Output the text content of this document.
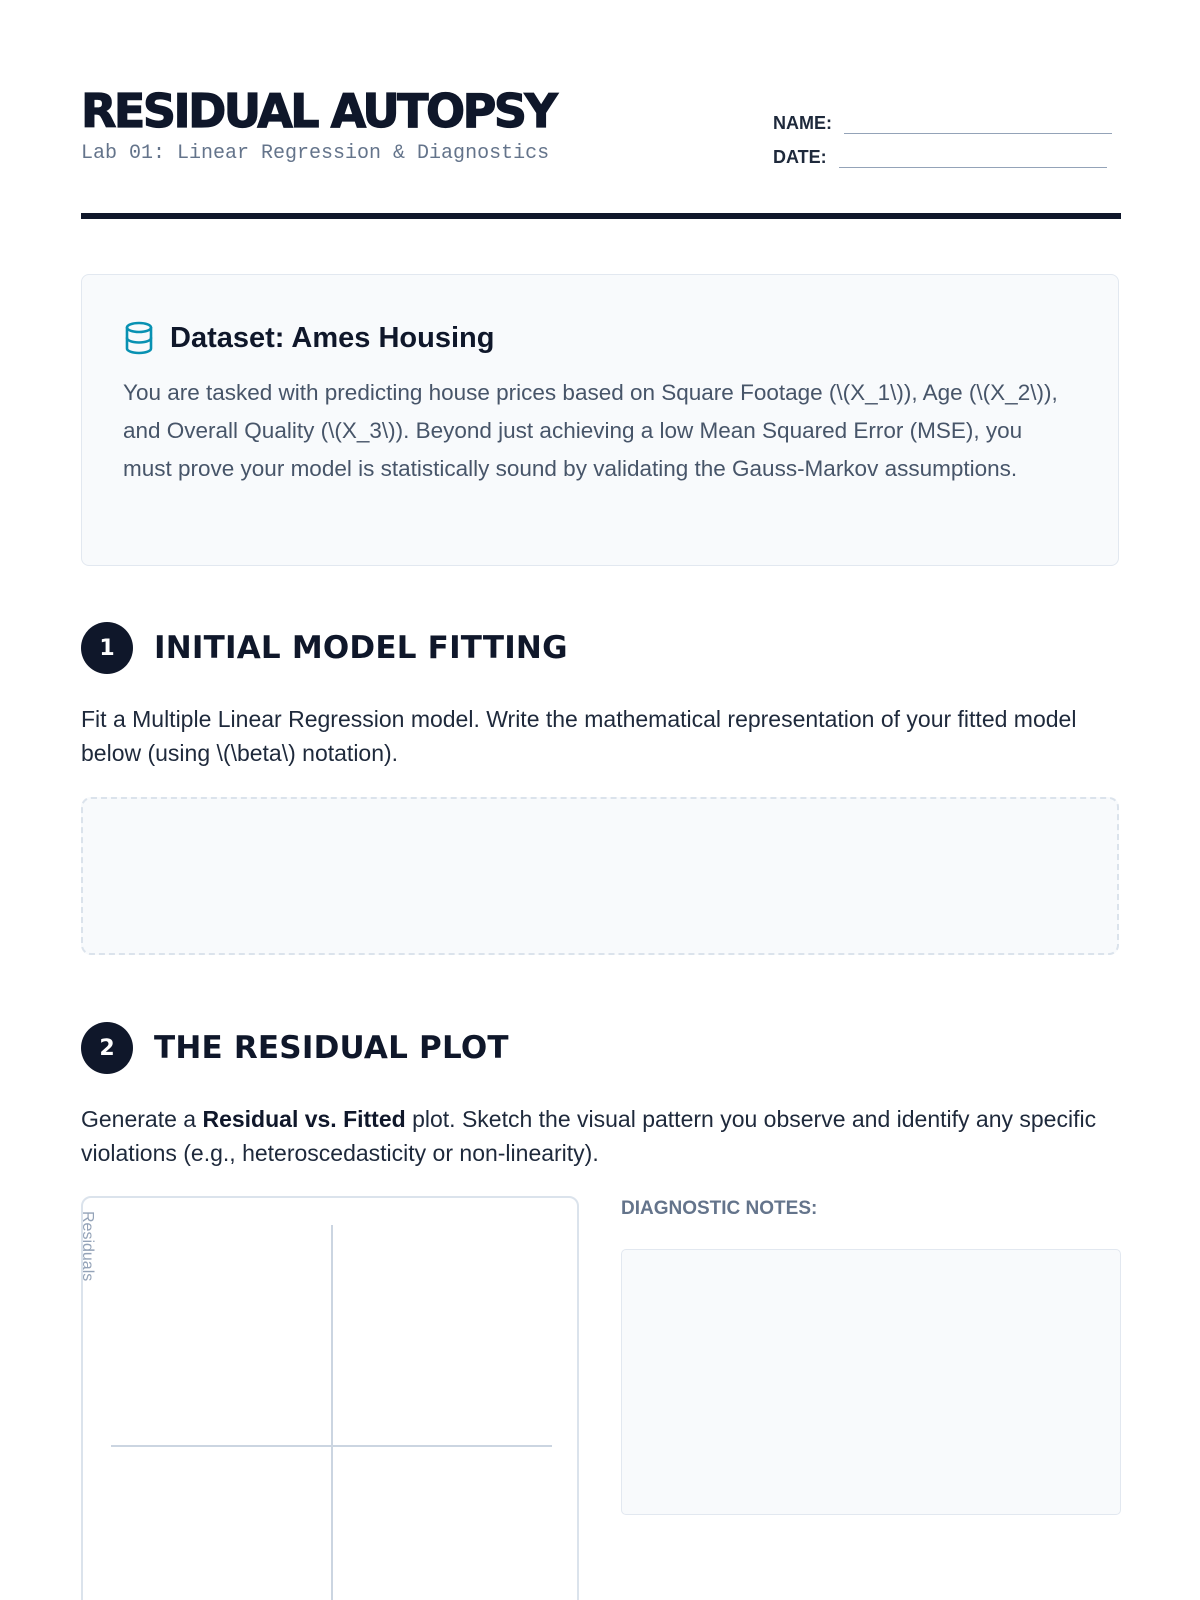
RESIDUAL AUTOPSY
Lab 01: Linear Regression & Diagnostics
NAME:
DATE:
Dataset: Ames Housing

You are tasked with predicting house prices based on Square Footage (\(X_1\)), Age (\(X_2\)), and Overall Quality (\(X_3\)). Beyond just achieving a low Mean Squared Error (MSE), you must prove your model is statistically sound by validating the Gauss-Markov assumptions.

1	INITIAL MODEL FITTING

Fit a Multiple Linear Regression model. Write the mathematical representation of your fitted model below (using \(\beta\) notation).

2	THE RESIDUAL PLOT

Generate a Residual vs. Fitted plot. Sketch the visual pattern you observe and identify any specific violations (e.g., heteroscedasticity or non-linearity).

Residuals
DIAGNOSTIC NOTES:
